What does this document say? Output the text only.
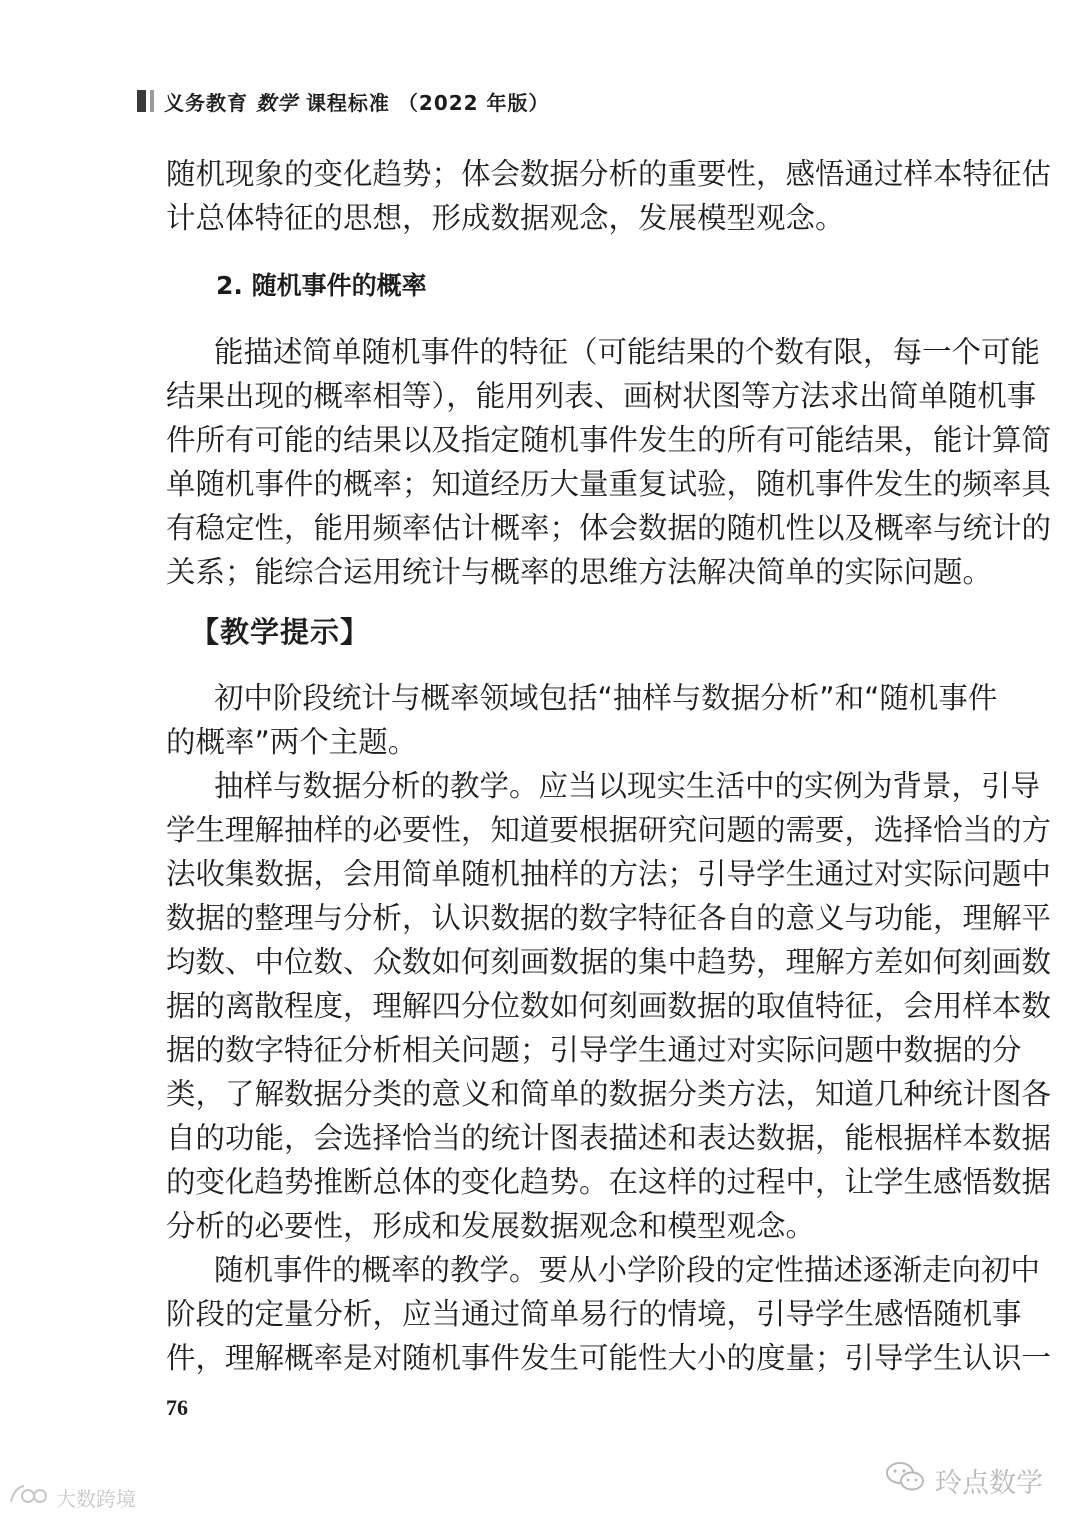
义务教育 数学 课程标准 （2022 年版）
随机现象的变化趋势；体会数据分析的重要性，感悟通过样本特征估
计总体特征的思想，形成数据观念，发展模型观念。
2. 随机事件的概率
能描述简单随机事件的特征（可能结果的个数有限，每一个可能
结果出现的概率相等），能用列表、画树状图等方法求出简单随机事
件所有可能的结果以及指定随机事件发生的所有可能结果，能计算简
单随机事件的概率；知道经历大量重复试验，随机事件发生的频率具
有稳定性，能用频率估计概率；体会数据的随机性以及概率与统计的
关系；能综合运用统计与概率的思维方法解决简单的实际问题。
【教学提示】
初中阶段统计与概率领域包括“抽样与数据分析”和“随机事件
的概率”两个主题。
抽样与数据分析的教学。应当以现实生活中的实例为背景，引导
学生理解抽样的必要性，知道要根据研究问题的需要，选择恰当的方
法收集数据，会用简单随机抽样的方法；引导学生通过对实际问题中
数据的整理与分析，认识数据的数字特征各自的意义与功能，理解平
均数、中位数、众数如何刻画数据的集中趋势，理解方差如何刻画数
据的离散程度，理解四分位数如何刻画数据的取值特征，会用样本数
据的数字特征分析相关问题；引导学生通过对实际问题中数据的分
类，了解数据分类的意义和简单的数据分类方法，知道几种统计图各
自的功能，会选择恰当的统计图表描述和表达数据，能根据样本数据
的变化趋势推断总体的变化趋势。在这样的过程中，让学生感悟数据
分析的必要性，形成和发展数据观念和模型观念。
随机事件的概率的教学。要从小学阶段的定性描述逐渐走向初中
阶段的定量分析，应当通过简单易行的情境，引导学生感悟随机事
件，理解概率是对随机事件发生可能性大小的度量；引导学生认识一
76
大数跨境	玲点数学
